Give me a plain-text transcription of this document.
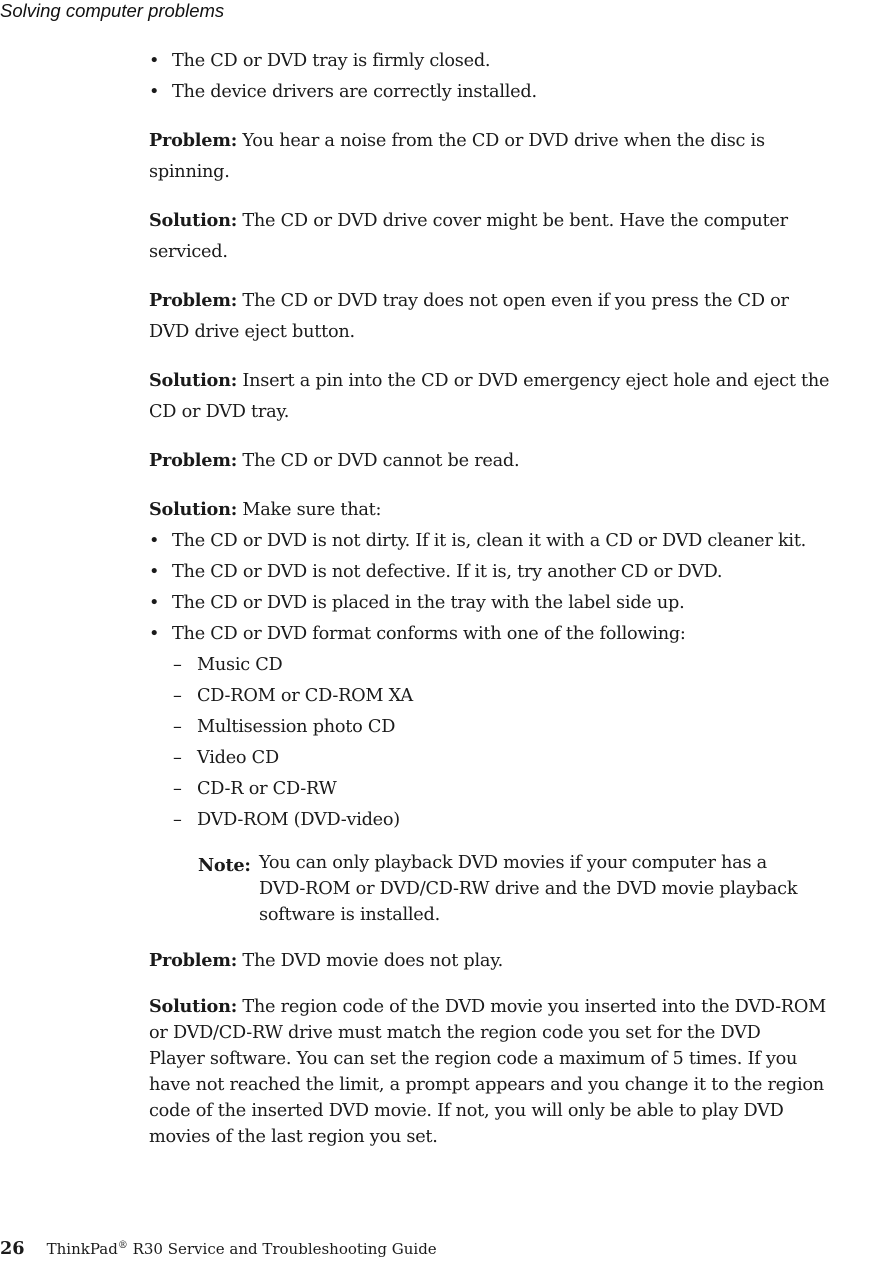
Solving computer problems
• The CD or DVD tray is firmly closed.
• The device drivers are correctly installed.
Problem: You hear a noise from the CD or DVD drive when the disc is
spinning.
Solution: The CD or DVD drive cover might be bent. Have the computer
serviced.
Problem: The CD or DVD tray does not open even if you press the CD or
DVD drive eject button.
Solution: Insert a pin into the CD or DVD emergency eject hole and eject the
CD or DVD tray.
Problem: The CD or DVD cannot be read.
Solution: Make sure that:
• The CD or DVD is not dirty. If it is, clean it with a CD or DVD cleaner kit.
• The CD or DVD is not defective. If it is, try another CD or DVD.
• The CD or DVD is placed in the tray with the label side up.
• The CD or DVD format conforms with one of the following:
– Music CD
– CD-ROM or CD-ROM XA
– Multisession photo CD
– Video CD
– CD-R or CD-RW
– DVD-ROM (DVD-video)
Note: You can only playback DVD movies if your computer has a
DVD-ROM or DVD/CD-RW drive and the DVD movie playback
software is installed.
Problem: The DVD movie does not play.
Solution: The region code of the DVD movie you inserted into the DVD-ROM
or DVD/CD-RW drive must match the region code you set for the DVD
Player software. You can set the region code a maximum of 5 times. If you
have not reached the limit, a prompt appears and you change it to the region
code of the inserted DVD movie. If not, you will only be able to play DVD
movies of the last region you set.
26 ThinkPad® R30 Service and Troubleshooting Guide
